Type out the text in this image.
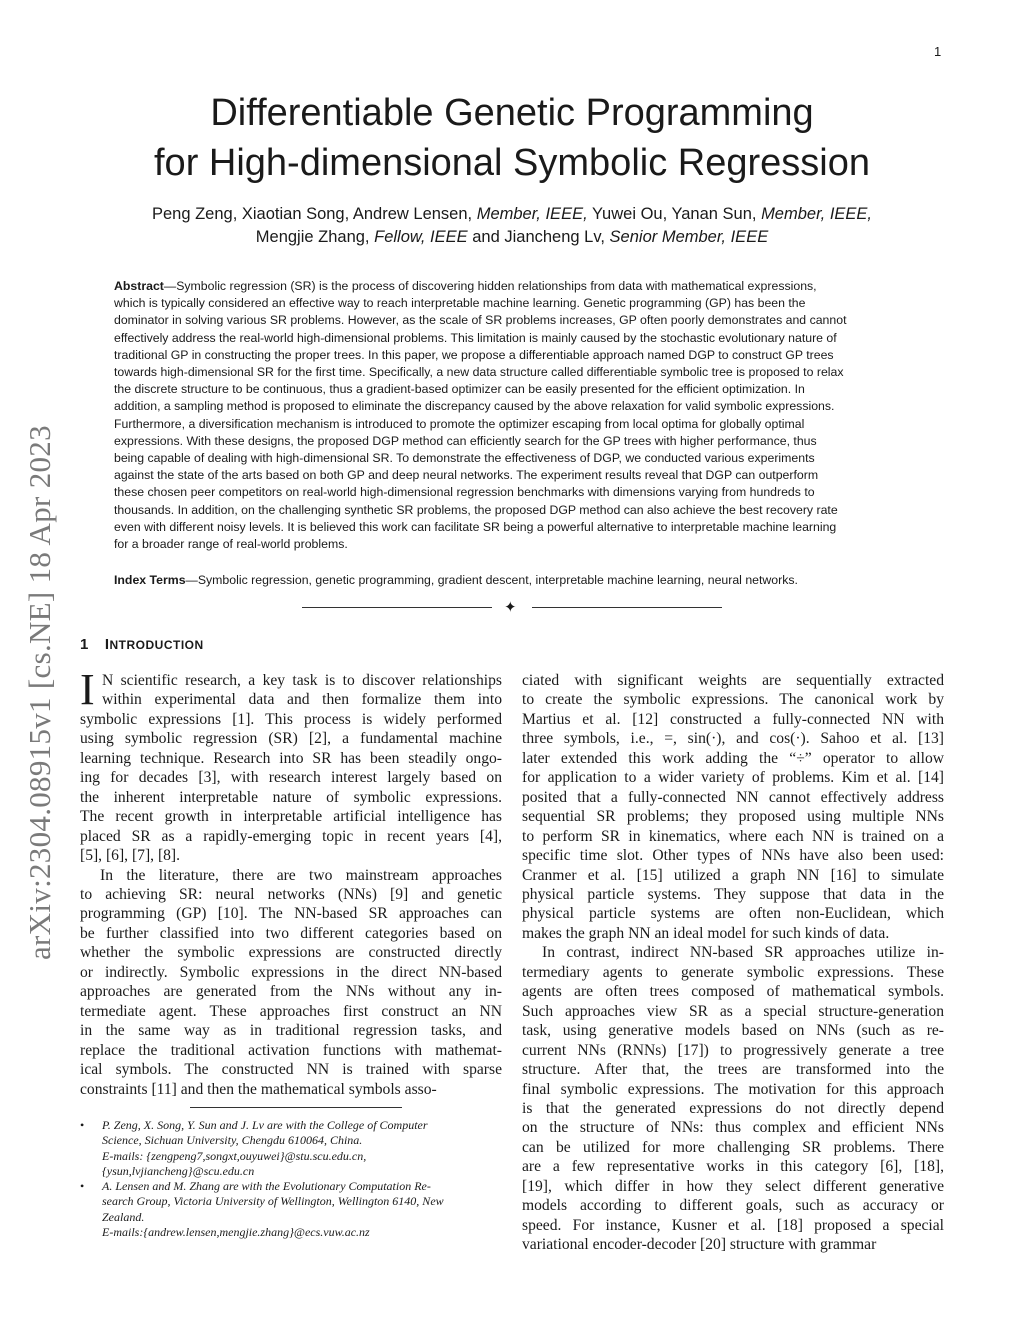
1
arXiv:2304.08915v1 [cs.NE] 18 Apr 2023
Differentiable Genetic Programming
for High-dimensional Symbolic Regression
Peng Zeng, Xiaotian Song, Andrew Lensen, Member, IEEE, Yuwei Ou, Yanan Sun, Member, IEEE,
Mengjie Zhang, Fellow, IEEE and Jiancheng Lv, Senior Member, IEEE
Abstract—Symbolic regression (SR) is the process of discovering hidden relationships from data with mathematical expressions,
which is typically considered an effective way to reach interpretable machine learning. Genetic programming (GP) has been the
dominator in solving various SR problems. However, as the scale of SR problems increases, GP often poorly demonstrates and cannot
effectively address the real-world high-dimensional problems. This limitation is mainly caused by the stochastic evolutionary nature of
traditional GP in constructing the proper trees. In this paper, we propose a differentiable approach named DGP to construct GP trees
towards high-dimensional SR for the first time. Specifically, a new data structure called differentiable symbolic tree is proposed to relax
the discrete structure to be continuous, thus a gradient-based optimizer can be easily presented for the efficient optimization. In
addition, a sampling method is proposed to eliminate the discrepancy caused by the above relaxation for valid symbolic expressions.
Furthermore, a diversification mechanism is introduced to promote the optimizer escaping from local optima for globally optimal
expressions. With these designs, the proposed DGP method can efficiently search for the GP trees with higher performance, thus
being capable of dealing with high-dimensional SR. To demonstrate the effectiveness of DGP, we conducted various experiments
against the state of the arts based on both GP and deep neural networks. The experiment results reveal that DGP can outperform
these chosen peer competitors on real-world high-dimensional regression benchmarks with dimensions varying from hundreds to
thousands. In addition, on the challenging synthetic SR problems, the proposed DGP method can also achieve the best recovery rate
even with different noisy levels. It is believed this work can facilitate SR being a powerful alternative to interpretable machine learning
for a broader range of real-world problems.
Index Terms—Symbolic regression, genetic programming, gradient descent, interpretable machine learning, neural networks.
✦
1 INTRODUCTION
I N scientific research, a key task is to discover relationships
within experimental data and then formalize them into
symbolic expressions [1]. This process is widely performed
using symbolic regression (SR) [2], a fundamental machine
learning technique. Research into SR has been steadily ongo-
ing for decades [3], with research interest largely based on
the inherent interpretable nature of symbolic expressions.
The recent growth in interpretable artificial intelligence has
placed SR as a rapidly-emerging topic in recent years [4],
[5], [6], [7], [8].
In the literature, there are two mainstream approaches
to achieving SR: neural networks (NNs) [9] and genetic
programming (GP) [10]. The NN-based SR approaches can
be further classified into two different categories based on
whether the symbolic expressions are constructed directly
or indirectly. Symbolic expressions in the direct NN-based
approaches are generated from the NNs without any in-
termediate agent. These approaches first construct an NN
in the same way as in traditional regression tasks, and
replace the traditional activation functions with mathemat-
ical symbols. The constructed NN is trained with sparse
constraints [11] and then the mathematical symbols asso-
ciated with significant weights are sequentially extracted
to create the symbolic expressions. The canonical work by
Martius et al. [12] constructed a fully-connected NN with
three symbols, i.e., =, sin(·), and cos(·). Sahoo et al. [13]
later extended this work adding the “÷” operator to allow
for application to a wider variety of problems. Kim et al. [14]
posited that a fully-connected NN cannot effectively address
sequential SR problems; they proposed using multiple NNs
to perform SR in kinematics, where each NN is trained on a
specific time slot. Other types of NNs have also been used:
Cranmer et al. [15] utilized a graph NN [16] to simulate
physical particle systems. They suppose that data in the
physical particle systems are often non-Euclidean, which
makes the graph NN an ideal model for such kinds of data.
In contrast, indirect NN-based SR approaches utilize in-
termediary agents to generate symbolic expressions. These
agents are often trees composed of mathematical symbols.
Such approaches view SR as a special structure-generation
task, using generative models based on NNs (such as re-
current NNs (RNNs) [17]) to progressively generate a tree
structure. After that, the trees are transformed into the
final symbolic expressions. The motivation for this approach
is that the generated expressions do not directly depend
on the structure of NNs: thus complex and efficient NNs
can be utilized for more challenging SR problems. There
are a few representative works in this category [6], [18],
[19], which differ in how they select different generative
models according to different goals, such as accuracy or
speed. For instance, Kusner et al. [18] proposed a special
variational encoder-decoder [20] structure with grammar
• P. Zeng, X. Song, Y. Sun and J. Lv are with the College of Computer
Science, Sichuan University, Chengdu 610064, China.
E-mails: {zengpeng7,songxt,ouyuwei}@stu.scu.edu.cn,
{ysun,lvjiancheng}@scu.edu.cn
• A. Lensen and M. Zhang are with the Evolutionary Computation Re-
search Group, Victoria University of Wellington, Wellington 6140, New
Zealand.
E-mails:{andrew.lensen,mengjie.zhang}@ecs.vuw.ac.nz
